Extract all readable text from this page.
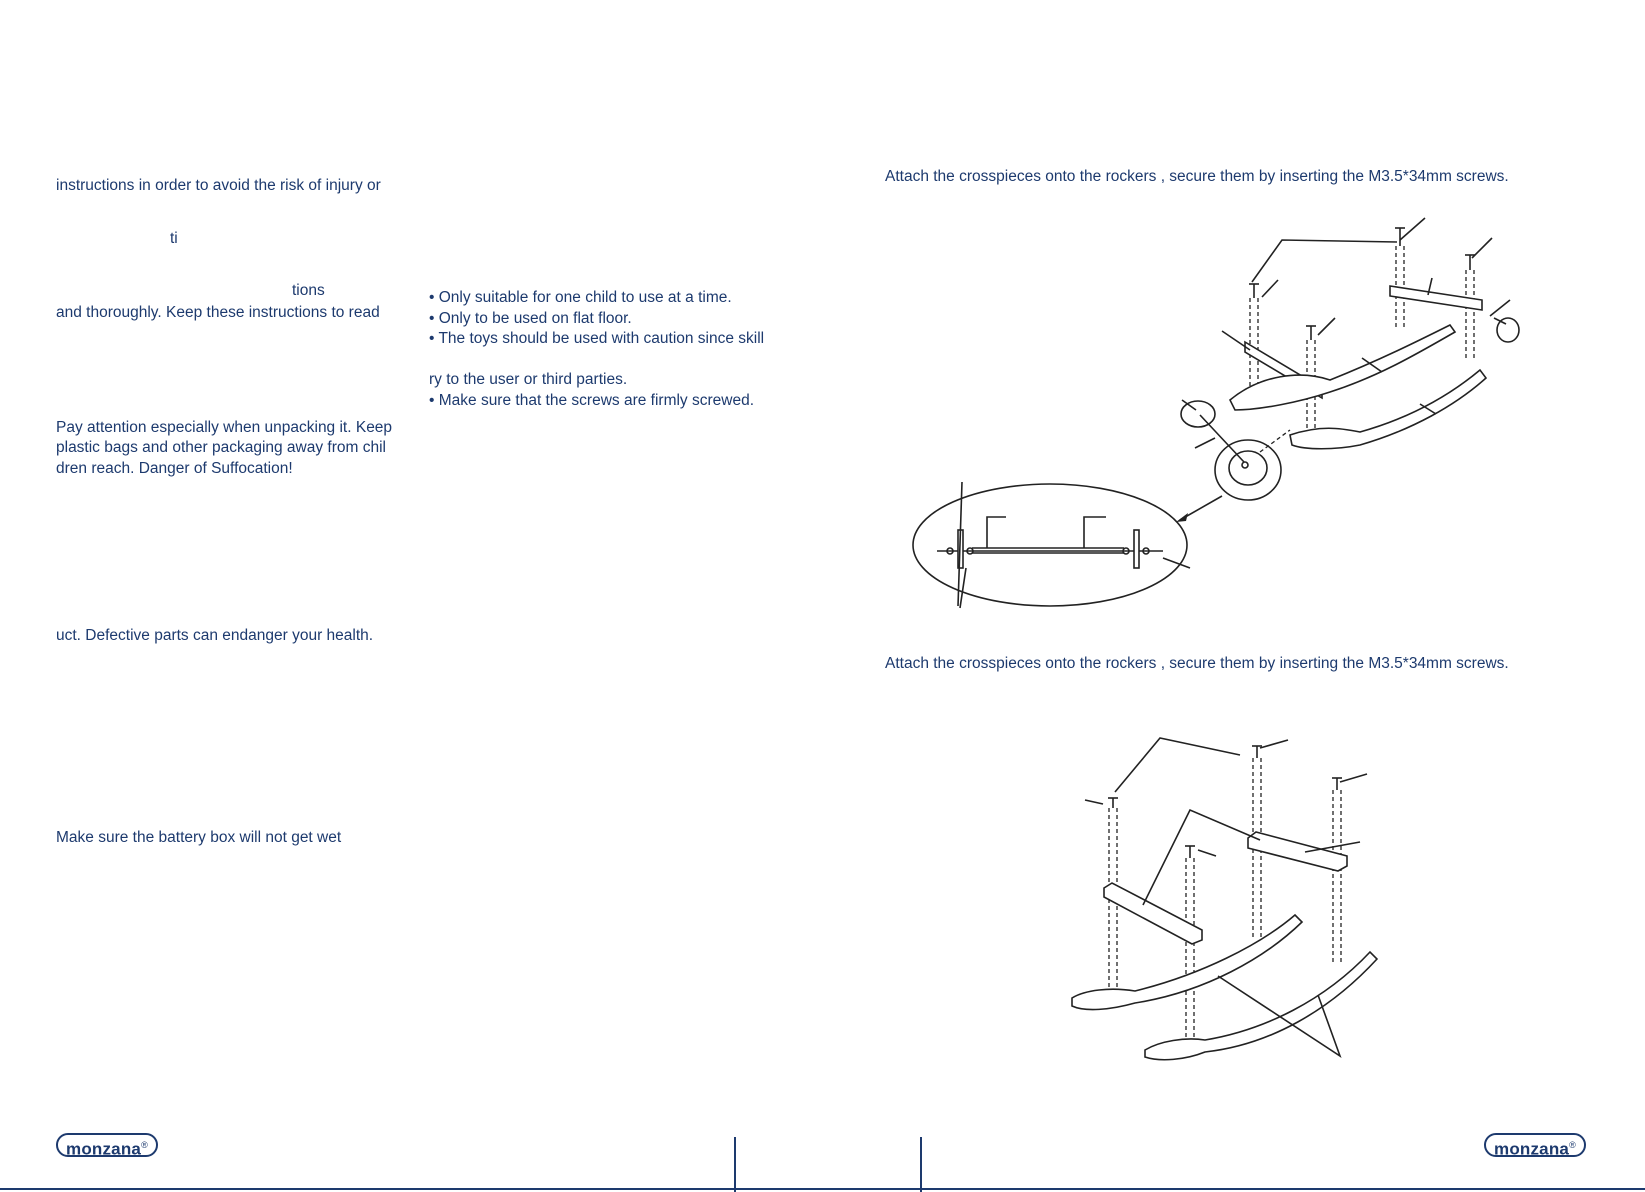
instructions in order to avoid the risk of injury or
ti
tions
and thoroughly. Keep these instructions to read
Pay attention especially when unpacking it. Keep
plastic bags and other packaging away from chil
dren reach. Danger of Suffocation!
uct. Defective parts can endanger your health.
Make sure the battery box will not get wet
• Only suitable for one child to use at a time.
• Only to be used on flat floor.
• The toys should be used with caution since skill
ry to the user or third parties.
• Make sure that the screws are firmly screwed.
Attach the crosspieces onto the rockers , secure them by inserting the M3.5*34mm screws.
Attach the crosspieces onto the rockers , secure them by inserting the M3.5*34mm screws.
monzana®	monzana®
